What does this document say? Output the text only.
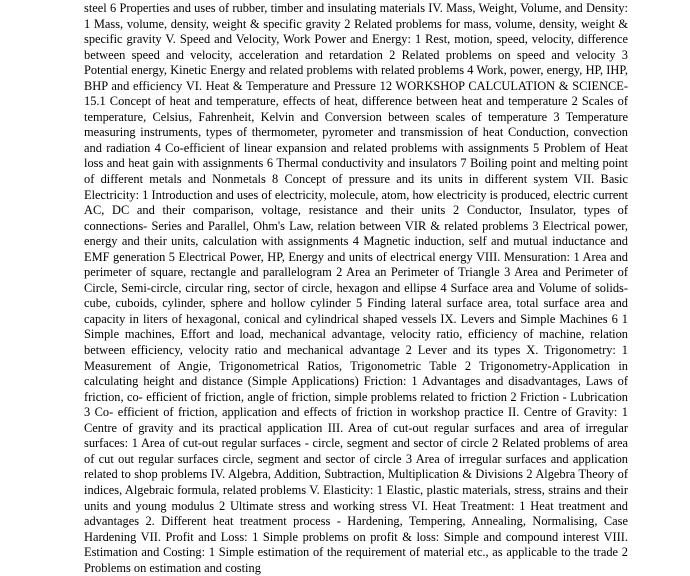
steel 6 Properties and uses of rubber, timber and insulating materials IV. Mass, Weight, Volume, and Density: 1 Mass, volume, density, weight & specific gravity 2 Related problems for mass, volume, density, weight & specific gravity V. Speed and Velocity, Work Power and Energy: 1 Rest, motion, speed, velocity, difference between speed and velocity, acceleration and retardation 2 Related problems on speed and velocity 3 Potential energy, Kinetic Energy and related problems with related problems 4 Work, power, energy, HP, IHP, BHP and efficiency VI. Heat & Temperature and Pressure 12 WORKSHOP CALCULATION & SCIENCE-15.1 Concept of heat and temperature, effects of heat, difference between heat and temperature 2 Scales of temperature, Celsius, Fahrenheit, Kelvin and Conversion between scales of temperature 3 Temperature measuring instruments, types of thermometer, pyrometer and transmission of heat Conduction, convection and radiation 4 Co-efficient of linear expansion and related problems with assignments 5 Problem of Heat loss and heat gain with assignments 6 Thermal conductivity and insulators 7 Boiling point and melting point of different metals and Nonmetals 8 Concept of pressure and its units in different system VII. Basic Electricity: 1 Introduction and uses of electricity, molecule, atom, how electricity is produced, electric current AC, DC and their comparison, voltage, resistance and their units 2 Conductor, Insulator, types of connections- Series and Parallel, Ohm's Law, relation between VIR & related problems 3 Electrical power, energy and their units, calculation with assignments 4 Magnetic induction, self and mutual inductance and EMF generation 5 Electrical Power, HP, Energy and units of electrical energy VIII. Mensuration: 1 Area and perimeter of square, rectangle and parallelogram 2 Area an Perimeter of Triangle 3 Area and Perimeter of Circle, Semi-circle, circular ring, sector of circle, hexagon and ellipse 4 Surface area and Volume of solids- cube, cuboids, cylinder, sphere and hollow cylinder 5 Finding lateral surface area, total surface area and capacity in liters of hexagonal, conical and cylindrical shaped vessels IX. Levers and Simple Machines 6 1 Simple machines, Effort and load, mechanical advantage, velocity ratio, efficiency of machine, relation between efficiency, velocity ratio and mechanical advantage 2 Lever and its types X. Trigonometry: 1 Measurement of Angie, Trigonometrical Ratios, Trigonometric Table 2 Trigonometry-Application in calculating height and distance (Simple Applications) Friction: 1 Advantages and disadvantages, Laws of friction, co- efficient of friction, angle of friction, simple problems related to friction 2 Friction - Lubrication 3 Co- efficient of friction, application and effects of friction in workshop practice II. Centre of Gravity: 1 Centre of gravity and its practical application III. Area of cut-out regular surfaces and area of irregular surfaces: 1 Area of cut-out regular surfaces - circle, segment and sector of circle 2 Related problems of area of cut out regular surfaces circle, segment and sector of circle 3 Area of irregular surfaces and application related to shop problems IV. Algebra, Addition, Subtraction, Multiplication & Divisions 2 Algebra Theory of indices, Algebraic formula, related problems V. Elasticity: 1 Elastic, plastic materials, stress, strains and their units and young modulus 2 Ultimate stress and working stress VI. Heat Treatment: 1 Heat treatment and advantages 2. Different heat treatment process - Hardening, Tempering, Annealing, Normalising, Case Hardening VII. Profit and Loss: 1 Simple problems on profit & loss: Simple and compound interest VIII. Estimation and Costing: 1 Simple estimation of the requirement of material etc., as applicable to the trade 2 Problems on estimation and costing
